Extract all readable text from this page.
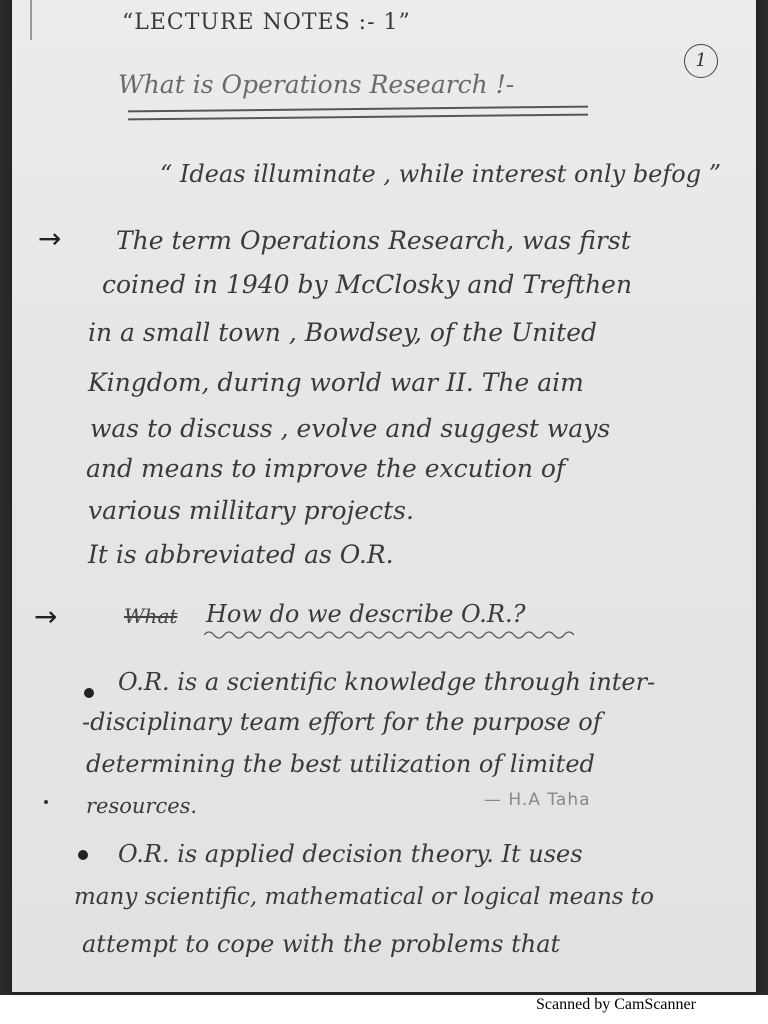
“LECTURE NOTES :- 1”
1
What is Operations Research !-
“ Ideas illuminate , while interest only befog ”
→ The term Operations Research, was first
coined in 1940 by McClosky and Trefthen
in a small town , Bowdsey, of the United
Kingdom, during world war II. The aim
was to discuss , evolve and suggest ways
and means to improve the excution of
various millitary projects.
It is abbreviated as O.R.
→	What How do we describe O.R.?
O.R. is a scientific knowledge through inter-
-disciplinary team effort for the purpose of
determining the best utilization of limited
resources.	— H.A Taha
O.R. is applied decision theory. It uses
many scientific, mathematical or logical means to
attempt to cope with the problems that
Scanned by CamScanner
